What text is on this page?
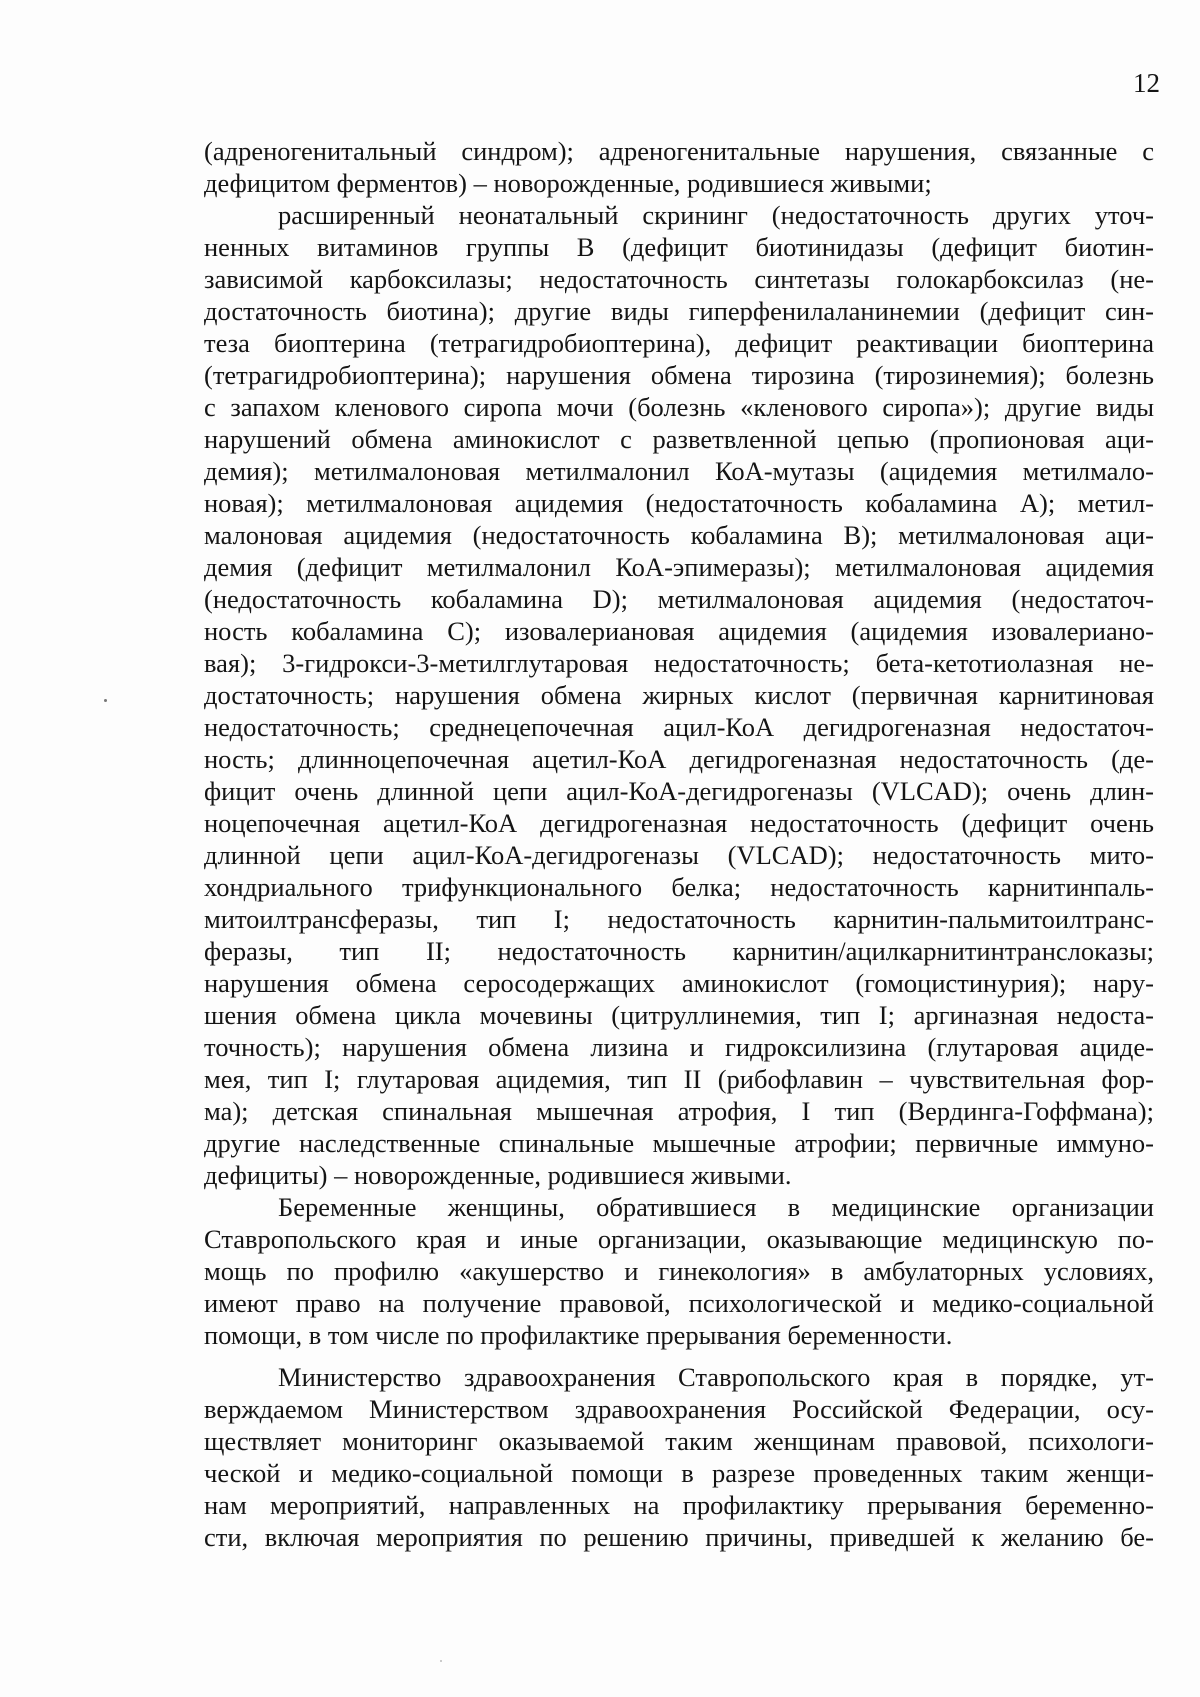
12
(адреногенитальный синдром); адреногенитальные нарушения, связанные с
дефицитом ферментов) – новорожденные, родившиеся живыми;
расширенный неонатальный скрининг (недостаточность других уточ-
ненных витаминов группы В (дефицит биотинидазы (дефицит биотин-
зависимой карбоксилазы; недостаточность синтетазы голокарбоксилаз (не-
достаточность биотина); другие виды гиперфенилаланинемии (дефицит син-
теза биоптерина (тетрагидробиоптерина), дефицит реактивации биоптерина
(тетрагидробиоптерина); нарушения обмена тирозина (тирозинемия); болезнь
с запахом кленового сиропа мочи (болезнь «кленового сиропа»); другие виды
нарушений обмена аминокислот с разветвленной цепью (пропионовая аци-
демия); метилмалоновая метилмалонил КоА-мутазы (ацидемия метилмало-
новая); метилмалоновая ацидемия (недостаточность кобаламина А); метил-
малоновая ацидемия (недостаточность кобаламина В); метилмалоновая аци-
демия (дефицит метилмалонил КоА-эпимеразы); метилмалоновая ацидемия
(недостаточность кобаламина D); метилмалоновая ацидемия (недостаточ-
ность кобаламина С); изовалериановая ацидемия (ацидемия изовалериано-
вая); 3-гидрокси-3-метилглутаровая недостаточность; бета-кетотиолазная не-
достаточность; нарушения обмена жирных кислот (первичная карнитиновая
недостаточность; среднецепочечная ацил-КоА дегидрогеназная недостаточ-
ность; длинноцепочечная ацетил-КоА дегидрогеназная недостаточность (де-
фицит очень длинной цепи ацил-КоА-дегидрогеназы (VLCAD); очень длин-
ноцепочечная ацетил-КоА дегидрогеназная недостаточность (дефицит очень
длинной цепи ацил-КоА-дегидрогеназы (VLCAD); недостаточность мито-
хондриального трифункционального белка; недостаточность карнитинпаль-
митоилтрансферазы, тип I; недостаточность карнитин-пальмитоилтранс-
феразы, тип II; недостаточность карнитин/ацилкарнитинтранслоказы;
нарушения обмена серосодержащих аминокислот (гомоцистинурия); нару-
шения обмена цикла мочевины (цитруллинемия, тип I; аргиназная недоста-
точность); нарушения обмена лизина и гидроксилизина (глутаровая ациде-
мея, тип I; глутаровая ацидемия, тип II (рибофлавин – чувствительная фор-
ма); детская спинальная мышечная атрофия, I тип (Вердинга-Гоффмана);
другие наследственные спинальные мышечные атрофии; первичные иммуно-
дефициты) – новорожденные, родившиеся живыми.
Беременные женщины, обратившиеся в медицинские организации
Ставропольского края и иные организации, оказывающие медицинскую по-
мощь по профилю «акушерство и гинекология» в амбулаторных условиях,
имеют право на получение правовой, психологической и медико-социальной
помощи, в том числе по профилактике прерывания беременности.
Министерство здравоохранения Ставропольского края в порядке, ут-
верждаемом Министерством здравоохранения Российской Федерации, осу-
ществляет мониторинг оказываемой таким женщинам правовой, психологи-
ческой и медико-социальной помощи в разрезе проведенных таким женщи-
нам мероприятий, направленных на профилактику прерывания беременно-
сти, включая мероприятия по решению причины, приведшей к желанию бе-
